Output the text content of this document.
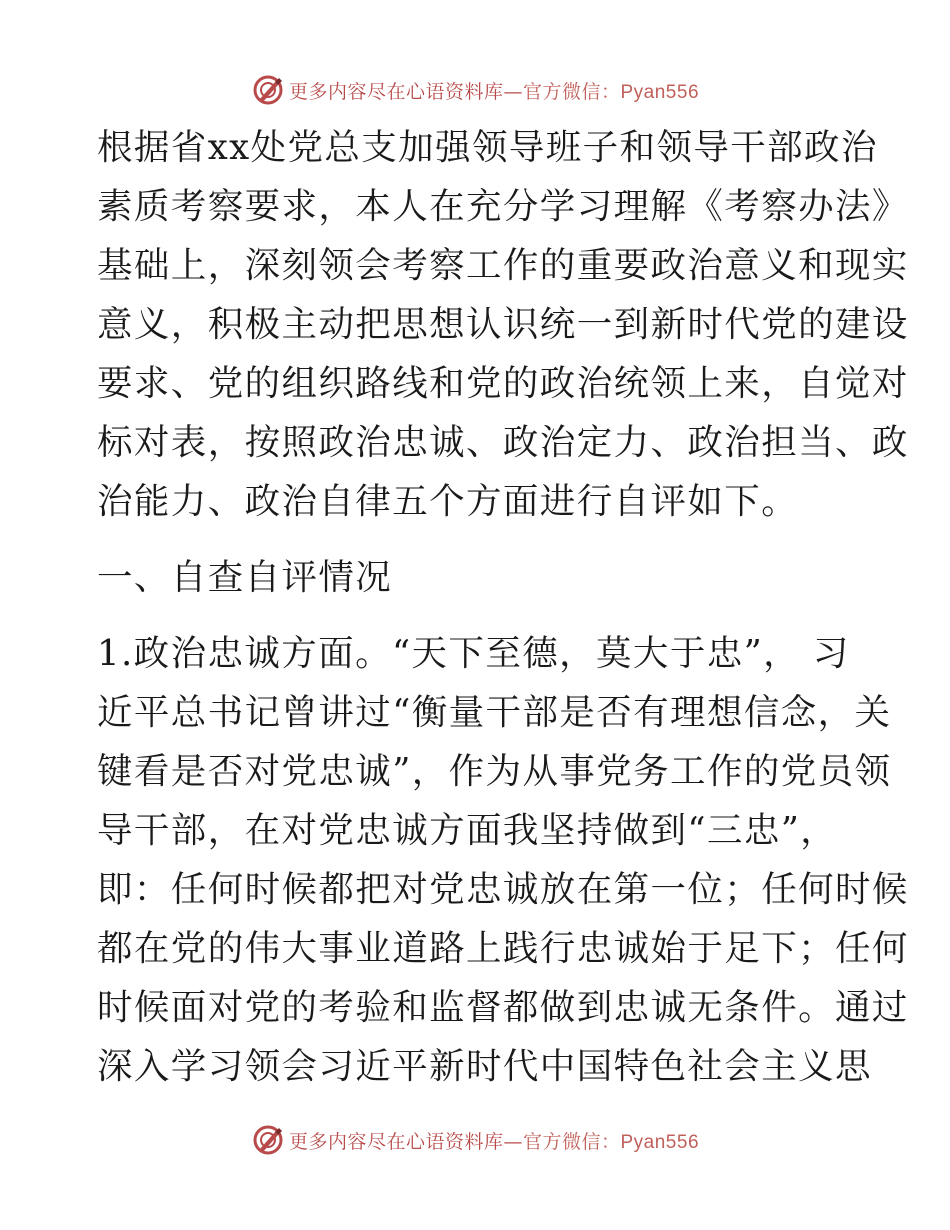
更多内容尽在心语资料库—官方微信：Pyan556
根据省xx处党总支加强领导班子和领导干部政治
素质考察要求，本人在充分学习理解《考察办法》
基础上，深刻领会考察工作的重要政治意义和现实
意义，积极主动把思想认识统一到新时代党的建设
要求、党的组织路线和党的政治统领上来，自觉对
标对表，按照政治忠诚、政治定力、政治担当、政
治能力、政治自律五个方面进行自评如下。
一、自查自评情况
1.政治忠诚方面。“天下至德，莫大于忠”， 习
近平总书记曾讲过“衡量干部是否有理想信念，关
键看是否对党忠诚”，作为从事党务工作的党员领
导干部，在对党忠诚方面我坚持做到“三忠”，
即：任何时候都把对党忠诚放在第一位；任何时候
都在党的伟大事业道路上践行忠诚始于足下；任何
时候面对党的考验和监督都做到忠诚无条件。通过
深入学习领会习近平新时代中国特色社会主义思
更多内容尽在心语资料库—官方微信：Pyan556
